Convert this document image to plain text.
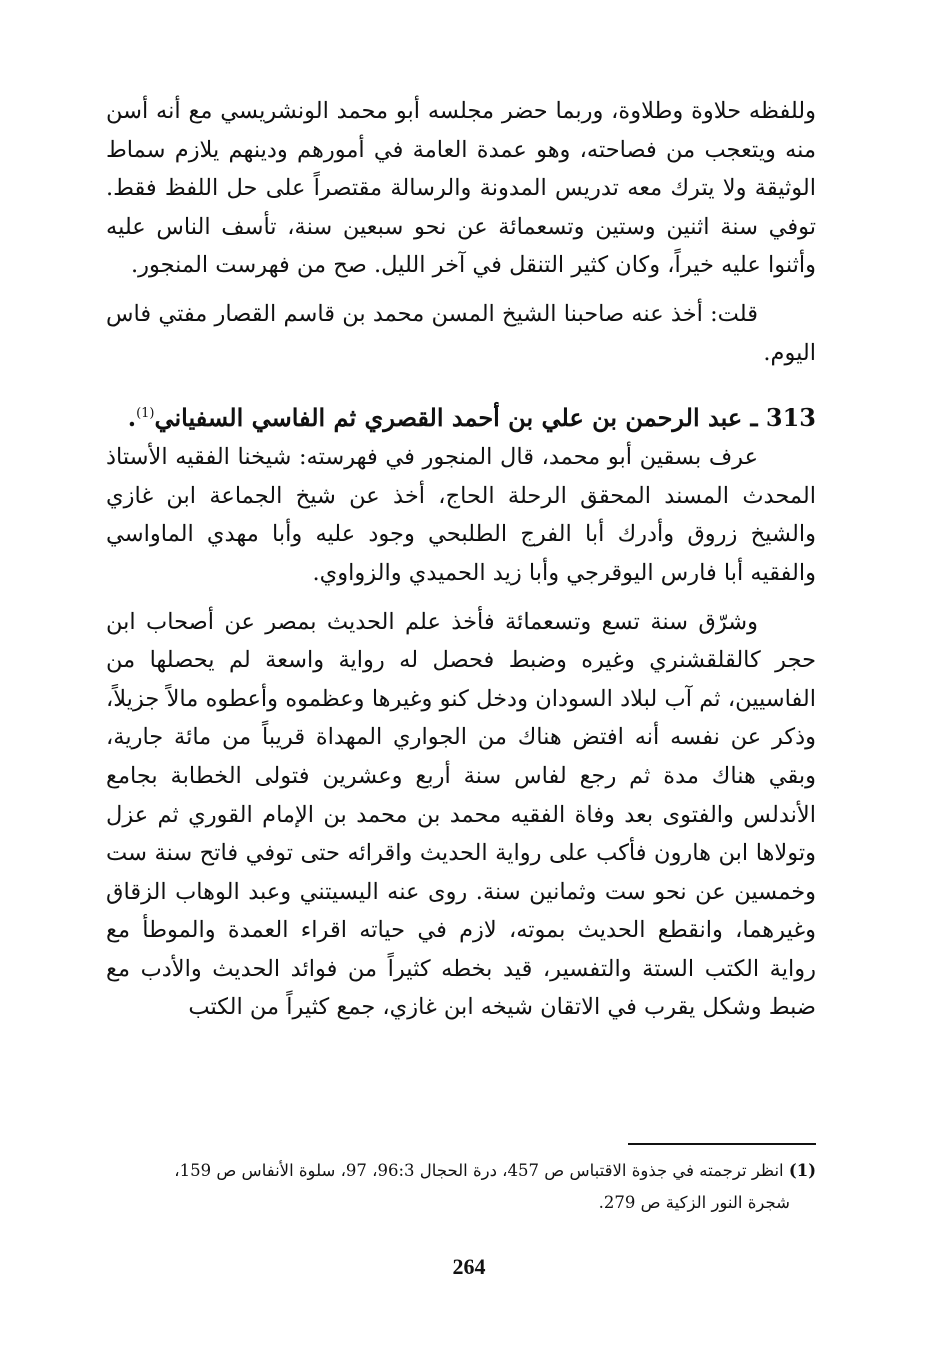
وللفظه حلاوة وطلاوة، وربما حضر مجلسه أبو محمد الونشريسي مع أنه أسن منه ويتعجب من فصاحته، وهو عمدة العامة في أمورهم ودينهم يلازم سماط الوثيقة ولا يترك معه تدريس المدونة والرسالة مقتصراً على حل اللفظ فقط. توفي سنة اثنين وستين وتسعمائة عن نحو سبعين سنة، تأسف الناس عليه وأثنوا عليه خيراً، وكان كثير التنقل في آخر الليل. صح من فهرست المنجور.

قلت: أخذ عنه صاحبنا الشيخ المسن محمد بن قاسم القصار مفتي فاس اليوم.

313 ـ عبد الرحمن بن علي بن أحمد القصري ثم الفاسي السفياني$^{(1)}$.

عرف بسقين أبو محمد، قال المنجور في فهرسته: شيخنا الفقيه الأستاذ المحدث المسند المحقق الرحلة الحاج، أخذ عن شيخ الجماعة ابن غازي والشيخ زروق وأدرك أبا الفرج الطلبحي وجود عليه وأبا مهدي الماواسي والفقيه أبا فارس اليوقرجي وأبا زيد الحميدي والزواوي.

وشرّق سنة تسع وتسعمائة فأخذ علم الحديث بمصر عن أصحاب ابن حجر كالقلقشنري وغيره وضبط فحصل له رواية واسعة لم يحصلها من الفاسيين، ثم آب لبلاد السودان ودخل كنو وغيرها وعظموه وأعطوه مالاً جزيلاً، وذكر عن نفسه أنه افتض هناك من الجواري المهداة قريباً من مائة جارية، وبقي هناك مدة ثم رجع لفاس سنة أربع وعشرين فتولى الخطابة بجامع الأندلس والفتوى بعد وفاة الفقيه محمد بن محمد بن الإمام القوري ثم عزل وتولاها ابن هارون فأكب على رواية الحديث واقرائه حتى توفي فاتح سنة ست وخمسين عن نحو ست وثمانين سنة. روى عنه اليسيتني وعبد الوهاب الزقاق وغيرهما، وانقطع الحديث بموته، لازم في حياته اقراء العمدة والموطأ مع رواية الكتب الستة والتفسير، قيد بخطه كثيراً من فوائد الحديث والأدب مع ضبط وشكل يقرب في الاتقان شيخه ابن غازي، جمع كثيراً من الكتب

(1) انظر ترجمته في جذوة الاقتباس ص 457، درة الحجال 96:3، 97، سلوة الأنفاس ص 159،
شجرة النور الزكية ص 279.

264
